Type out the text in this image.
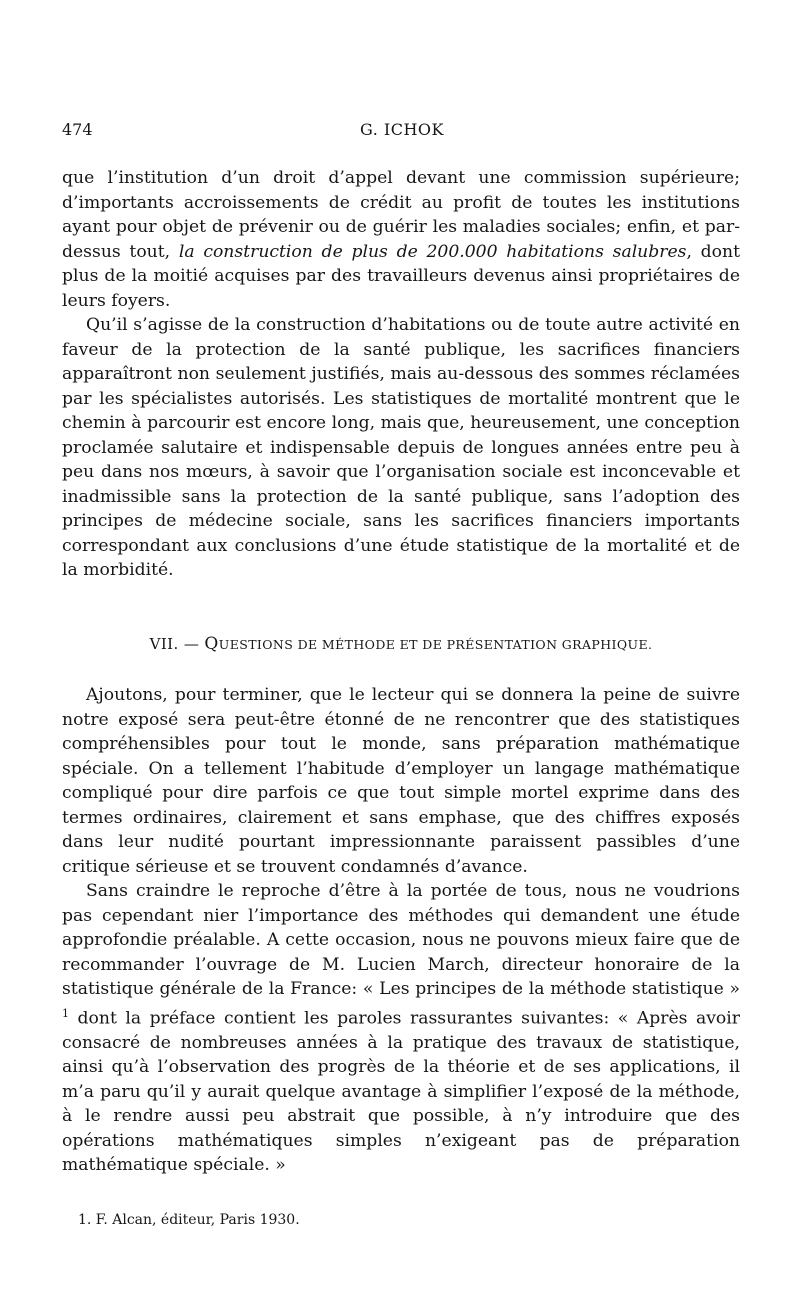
474	G. ICHOK

que l’institution d’un droit d’appel devant une commission supérieure; d’importants accroissements de crédit au profit de toutes les institutions ayant pour objet de prévenir ou de guérir les maladies sociales; enfin, et par-dessus tout, la construction de plus de 200.000 habitations salubres, dont plus de la moitié acquises par des travailleurs devenus ainsi propriétaires de leurs foyers.

Qu’il s’agisse de la construction d’habitations ou de toute autre activité en faveur de la protection de la santé publique, les sacrifices financiers apparaîtront non seulement justifiés, mais au-dessous des sommes réclamées par les spécialistes autorisés. Les statistiques de mortalité montrent que le chemin à parcourir est encore long, mais que, heureusement, une conception proclamée salutaire et indispensable depuis de longues années entre peu à peu dans nos mœurs, à savoir que l’organisation sociale est inconcevable et inadmissible sans la protection de la santé publique, sans l’adoption des principes de médecine sociale, sans les sacrifices financiers importants correspondant aux conclusions d’une étude statistique de la mortalité et de la morbidité.

VII. — QUESTIONS DE MÉTHODE ET DE PRÉSENTATION GRAPHIQUE.

Ajoutons, pour terminer, que le lecteur qui se donnera la peine de suivre notre exposé sera peut-être étonné de ne rencontrer que des statistiques compréhensibles pour tout le monde, sans préparation mathématique spéciale. On a tellement l’habitude d’employer un langage mathématique compliqué pour dire parfois ce que tout simple mortel exprime dans des termes ordinaires, clairement et sans emphase, que des chiffres exposés dans leur nudité pourtant impressionnante paraissent passibles d’une critique sérieuse et se trouvent condamnés d’avance.

Sans craindre le reproche d’être à la portée de tous, nous ne voudrions pas cependant nier l’importance des méthodes qui demandent une étude approfondie préalable. A cette occasion, nous ne pouvons mieux faire que de recommander l’ouvrage de M. Lucien March, directeur honoraire de la statistique générale de la France: « Les principes de la méthode statistique » $^1$ dont la préface contient les paroles rassurantes suivantes: « Après avoir consacré de nombreuses années à la pratique des travaux de statistique, ainsi qu’à l’observation des progrès de la théorie et de ses applications, il m’a paru qu’il y aurait quelque avantage à simplifier l’exposé de la méthode, à le rendre aussi peu abstrait que possible, à n’y introduire que des opérations mathématiques simples n’exigeant pas de préparation mathématique spéciale. »

1. F. Alcan, éditeur, Paris 1930.
